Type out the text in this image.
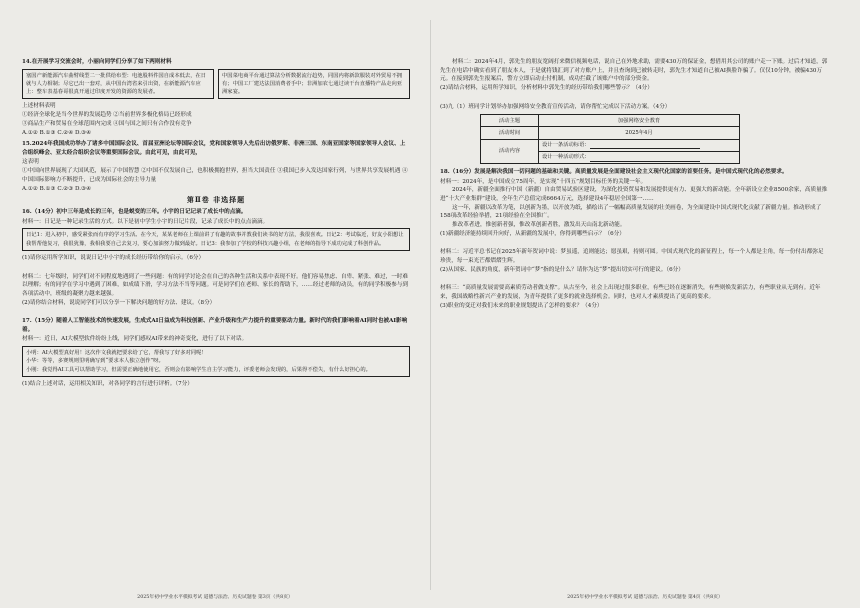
14.在开展学习交流会时，小丽向同学们分享了如下两则材料
塞国产新能源汽车曲臂线型二一批供给布型：电池股料件国自成本低去，在日就与人力相制；尽它已出一套对，从中国台湾省来引出资，在新能源汽车应上：整车表基春哥很真开通过印度开发的资源的发展者。
中国菜电商平台通过算法分析数据流行趋势，同国内将新款服装对外贸易不拥有；中国工厂建达法国消费者手中；非洲加农七通过读干台直播特产品走向亚洲家宴。
上述材料表明
①经济全球化是当今世界的发展趋势 ②当前世界多极化格局已经形成
③商品生产和贸易在全球范围内完成 ④国与国之间只有合作没有竞争
A.①② B.①③ C.②④ D.③④
15.2024年我国成功举办了诸多中国国际会议、首届亚洲论坛等国际会议，党和国家领导人先后出访俄罗斯、非洲三国、东南亚国家等国家领导人会议、上合组织峰会、亚太经合组织会议等重要国际会议。由此可见，由此可见，
这表明
①中国向世界展现了大国风范，展示了中国智慧 ②中国不仅发展自己，也积极拥抱世界，担当大国责任 ③我国已步入发达国家行列，与世界共享发展机遇 ④中国国际影响力不断提升，已成为国际社会的主导力量
A.①② B.①③ C.②③ D.③④
第Ⅱ卷 非选择题
16.（14分）初中三年是成长的三年，也是蜕变的三年。小宇的日记记录了成长中的点滴。
材料一：日记是一种记录生活的方式。以下是初中学生小宇的日记片段，记录了成长中的点点滴滴。
日记1：进入初中，感受紧张而有序的学习生活。在今天，某某老师在上课前讲了有趣的故事并教我们读书的好方法，我很喜欢。日记2：考试临近，好友小阳想让我帮帮他复习，我很犹豫，我相我要自己去复习，要心加油努力做到最好。日记3：我参加了学校的科技兴趣小组，在老师的指导下成功完成了科创作品。
(1)请你运用所学知识，说说日记中小宇的成长经历带给你的启示。（6分）
材料二：七年级时，同学们对不同程度地遇到了一些问题：有的同学讨论会在自己的各种生活和关系中表现不好。他们容易焦虑、自卑、紧张、难过，一时难以理解；有的同学在学习中遇到了困难，如成绩下滑，学习方法不当等问题。可是同学们在老师、家长的帮助下，……经过老师的动员，有的同学积极参与到各项活动中，班级的凝聚力越来越强。
(2)请你结合材料，说说同学们可以分享一下解决问题的好方法、建议。（8分）
17.（15分）随着人工智能技术的快速发展，生成式AI日益成为科技创新、产业升级和生产力提升的重要驱动力量。新时代的我们影响着AI同时也被AI影响着。
材料一：近日，AI大模型软件纷纷上线，同学们感叹AI带来的神奇变化，进行了以下对话。
小明：AI大模型真好用！这次作文我就把要求给了它，帮我写了好多对同呢！
小华：等等，多赛规则里明确写到“要求本人独立创作”呀。
小刚：我觉得AI工具可以帮助学习，但需要正确地使用它，否则会有影响学生自主学习能力，评委老师会发现的，后果得不偿失，有什么好担心的。
(1)结合上述对话，运用相关知识，对各同学的言行进行评析。（7分）
材料二：2024年4月，郭先生的朋友宽阔打来微信视频电话，说自己在外地求助，需要430万的保证金，想借用其公司的账户走一下账。过后才知道，郭先生在电话中确实看到了朋友本人，于是就将钱汇到了对方账户上，并且查询到已被转走时，郭先生才知道自己被AI换脸诈骗了。仅仅10分钟，被骗430万元。在接到郭先生报案后，警方立即启动止付机制，成功拦截了该账户中的部分资金。
(2)请结合材料，运用所学知识，分析材料中郭先生的经历带给我们哪些警示？（4分）
(3)九（1）班同学计划举办加强网络安全教育宣传活动，请你帮忙完成以下活动方案。（4分）
活动主题	加强网络安全教育
活动时间	2025年4月
活动内容	设计一条活动标语：
	设计一种活动形式：
18.（16分）发展是解决我国一切问题的基础和关键。高质量发展是全面建设社会主义现代化国家的首要任务。是中国式现代化的必然要求。
材料一：2024年，是中国成立75周年，是实现“十四五”规划目标任务的关键一年。
2024年，新疆全面推行中国（新疆）自由贸易试验区建设，为深化投资贸易和发展提供更有力、更强大的新动能。全年新设立企业8500余家，高质量推进“十大产业集群”建设，全年生产总值完成6664万元，选择建设4年稳居全国第一……
这一年，新疆以改革为笔，以创新为墨，以开放为纸，描绘出了一幅幅高质量发展的壮美画卷，为全面建设中国式现代化贡献了新疆力量。推动形成了158项改革经验举措，21项经验在全国推广。
推改革者进，惟创新者强，惟改革创新者胜，激发出天山南北新动能。
(1)新疆经济能持续回升向好，从新疆的发展中，你得到哪些启示？（6分）
材料二：习近平总书记在2025年新年贺词中说：梦虽遥，追则能达；愿虽艰，持则可圆。中国式现代化的新征程上，每一个人都是主角，每一份付出都弥足珍贵，每一束光芒都熠熠生辉。
(2)从国家、民族的角度，新年贺词中“梦”指的是什么？请你为达“梦”提出切实可行的建议。（6分）
材料三：“高质量发展需要高素质劳动者做支撑”。从古至今，社会上出现过很多职业，有些已经在逐渐消失，有些则焕发新活力，有些职业从无到有。近年来，我国战略性新兴产业的发展，为青年提供了更多的就业选择机会。同时，也对人才素质提出了更高的要求。
(3)职业的变迁对我们未来的职业规划提出了怎样的要求？（4分）
2025年初中学业水平模拟考试 道德与法治、历史试题卷 第3页（共8页）	2025年初中学业水平模拟考试 道德与法治、历史试题卷 第4页（共8页）
